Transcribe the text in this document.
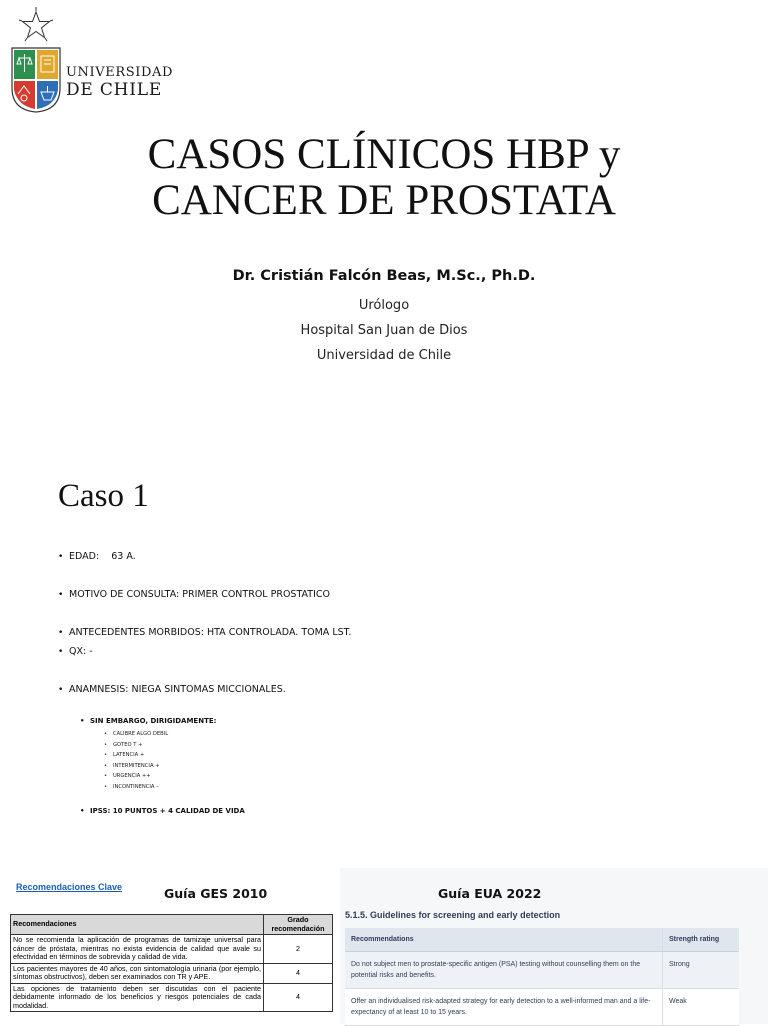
UNIVERSIDAD
DE CHILE
CASOS CLÍNICOS HBP y
CANCER DE PROSTATA
Dr. Cristián Falcón Beas, M.Sc., Ph.D.
Urólogo
Hospital San Juan de Dios
Universidad de Chile
Caso 1
• EDAD:    63 A.
• MOTIVO DE CONSULTA: PRIMER CONTROL PROSTATICO
• ANTECEDENTES MORBIDOS: HTA CONTROLADA. TOMA LST.
• QX: -
• ANAMNESIS: NIEGA SINTOMAS MICCIONALES.
• SIN EMBARGO, DIRIGIDAMENTE:
• CALIBRE ALGO DEBIL
• GOTEO T +
• LATENCIA +
• INTERMITENCIA +
• URGENCIA ++
• INCONTINENCIA –
• IPSS: 10 PUNTOS + 4 CALIDAD DE VIDA
Recomendaciones Clave	Guía GES 2010
Recomendaciones	Grado recomendación
No se recomienda la aplicación de programas de tamizaje universal para cáncer de próstata, mientras no exista evidencia de calidad que avale su efectividad en términos de sobrevida y calidad de vida.	2
Los pacientes mayores de 40 años, con sintomatología urinaria (por ejemplo, síntomas obstructivos), deben ser examinados con TR y APE.	4
Las opciones de tratamiento deben ser discutidas con el paciente debidamente informado de los beneficios y riesgos potenciales de cada modalidad.	4
Guía EUA 2022
5.1.5. Guidelines for screening and early detection
Recommendations	Strength rating
Do not subject men to prostate-specific antigen (PSA) testing without counselling them on the potential risks and benefits.	Strong
Offer an individualised risk-adapted strategy for early detection to a well-informed man and a life-expectancy of at least 10 to 15 years.	Weak
